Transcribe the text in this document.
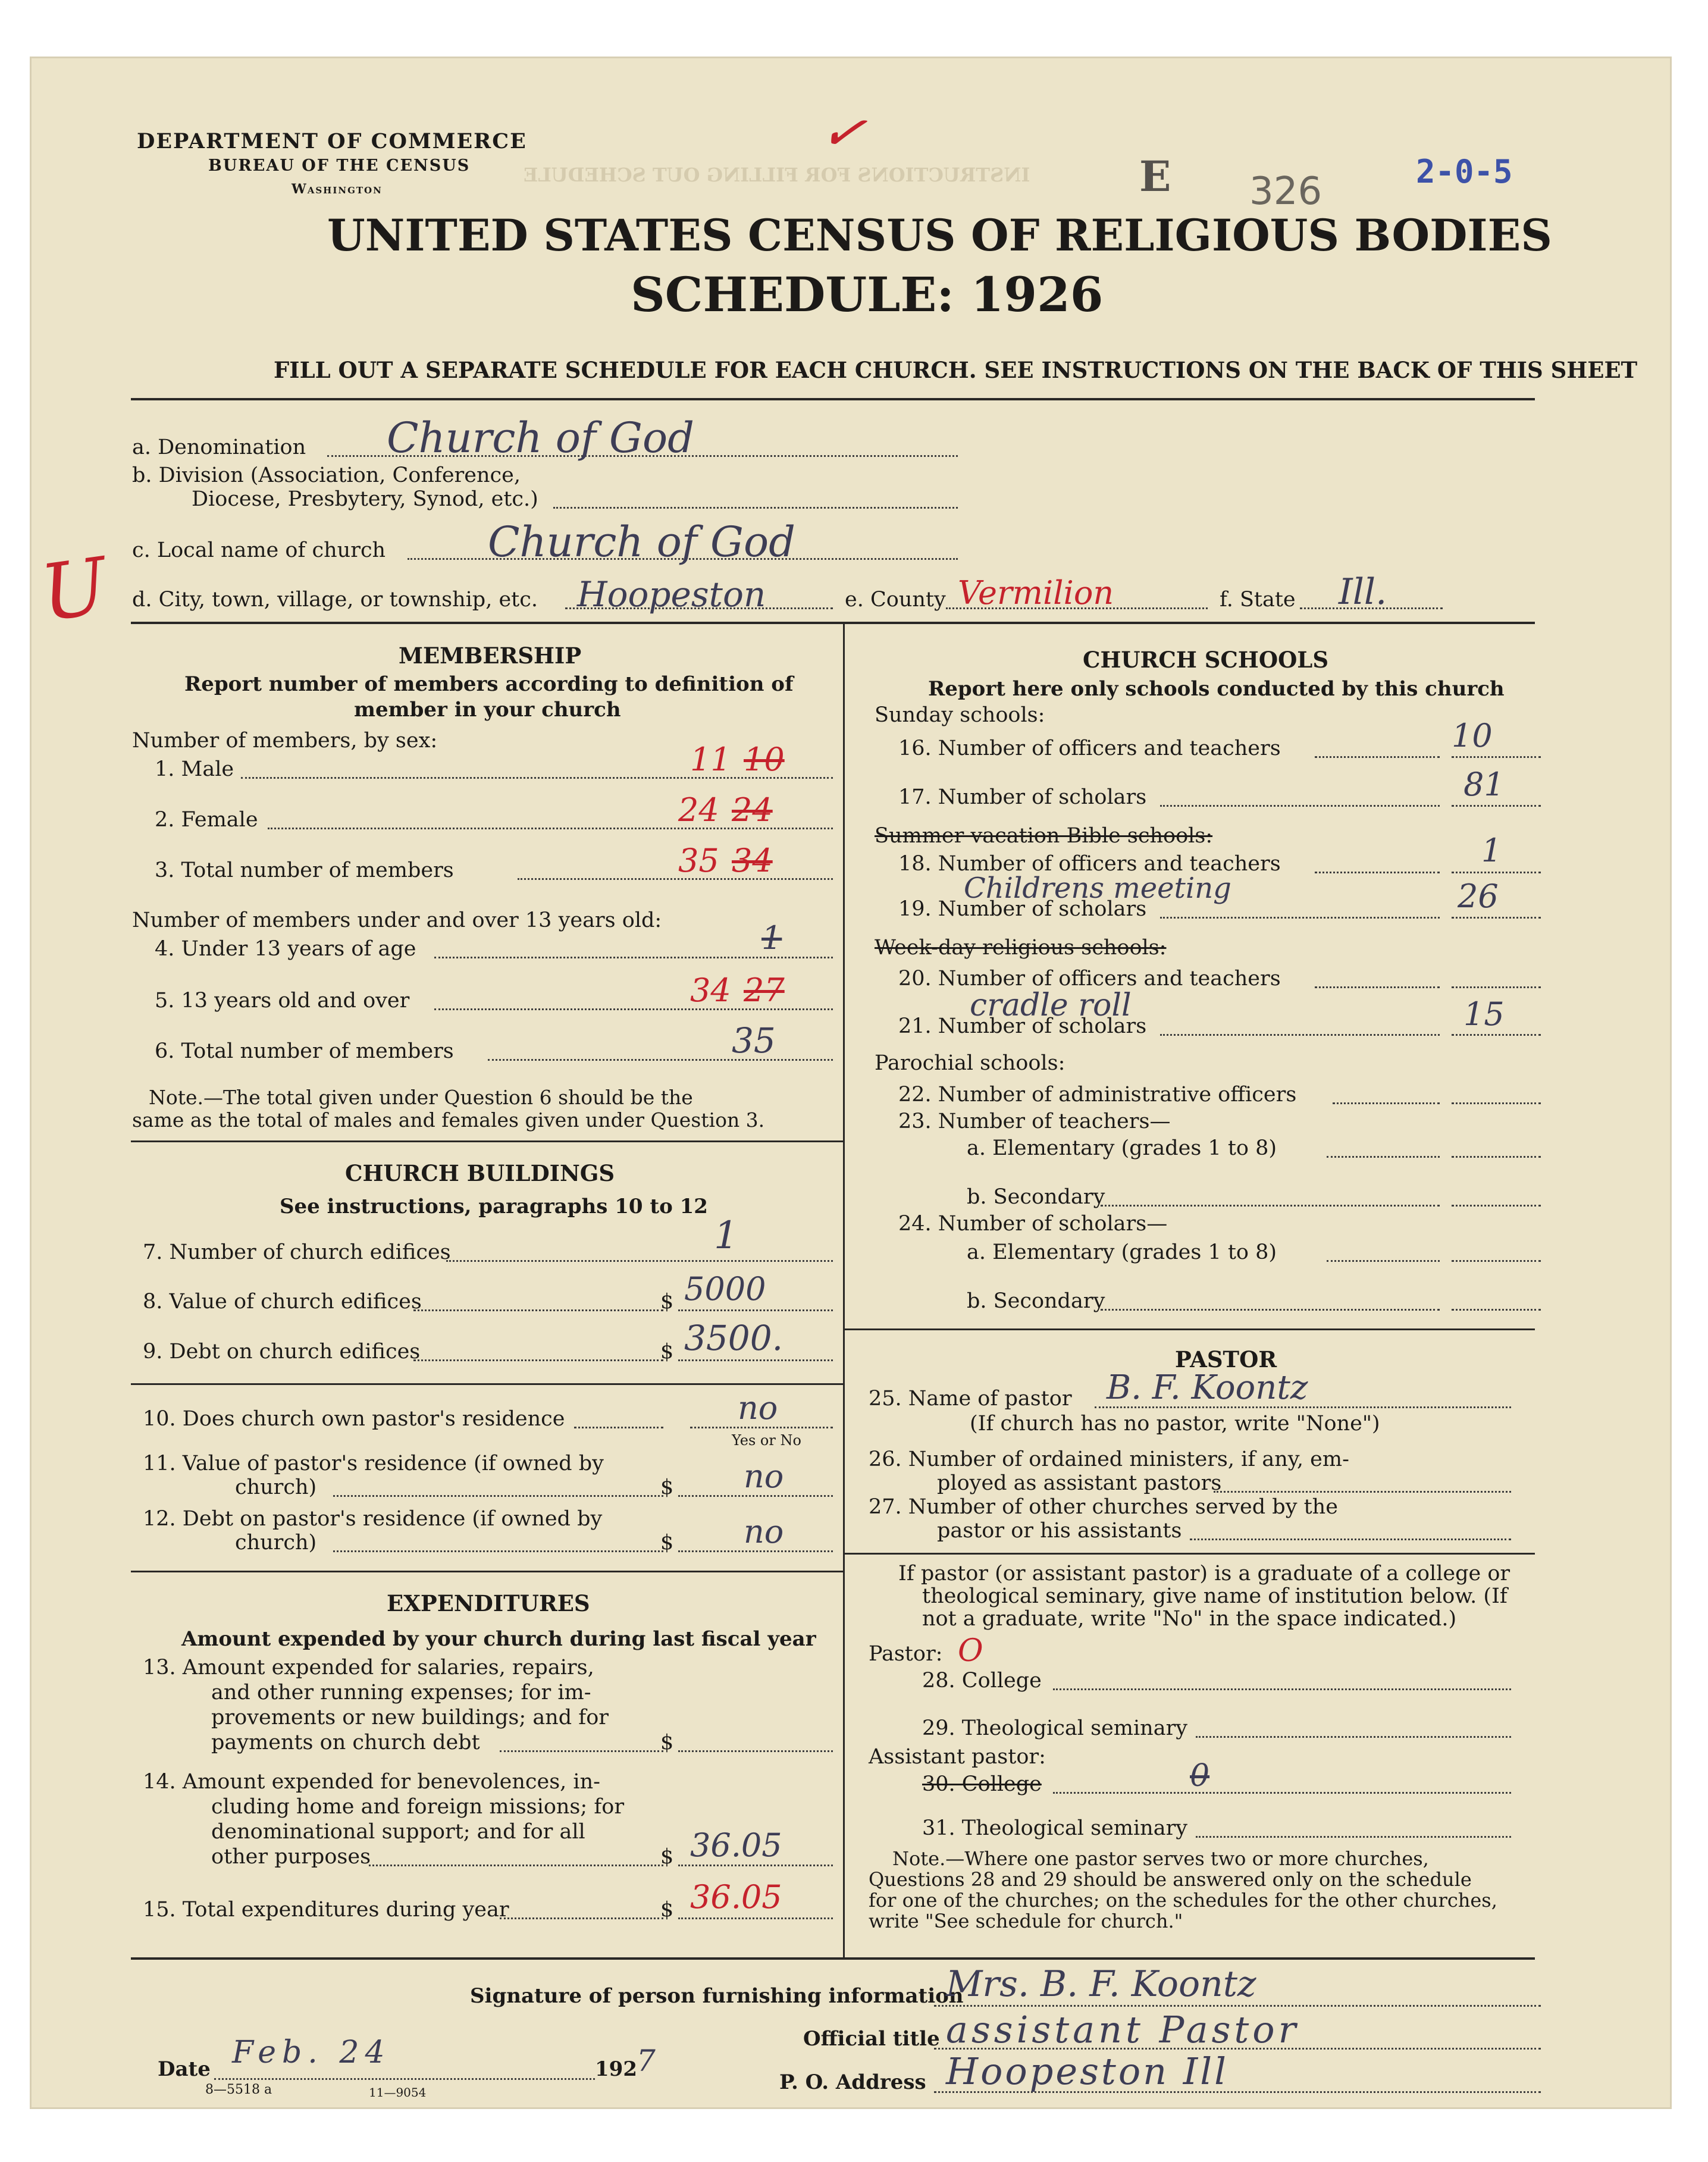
INSTRUCTIONS FOR FILLING OUT SCHEDULE
DEPARTMENT OF COMMERCE
BUREAU OF THE CENSUS
Washington
✓
E 326	2-0-5
UNITED STATES CENSUS OF RELIGIOUS BODIES
SCHEDULE: 1926
FILL OUT A SEPARATE SCHEDULE FOR EACH CHURCH. SEE INSTRUCTIONS ON THE BACK OF THIS SHEET
a. Denomination Church of God
b. Division (Association, Conference,
Diocese, Presbytery, Synod, etc.)
c. Local name of church Church of God
U d. City, town, village, or township, etc. Hoopeston	e. County Vermilion	f. State Ill.
MEMBERSHIP
Report number of members according to definition of
member in your church
Number of members, by sex:
1. Male	11 10
2. Female	24 24
3. Total number of members	35 34
Number of members under and over 13 years old:
4. Under 13 years of age	1
5. 13 years old and over	34 27
6. Total number of members	35
Note.—The total given under Question 6 should be the
same as the total of males and females given under Question 3.
CHURCH BUILDINGS
See instructions, paragraphs 10 to 12
7. Number of church edifices	1
8. Value of church edifices	$ 5000
9. Debt on church edifices	$ 3500.
10. Does church own pastor's residence	no
Yes or No
11. Value of pastor's residence (if owned by
church)	$ no
12. Debt on pastor's residence (if owned by
church)	$ no
EXPENDITURES
Amount expended by your church during last fiscal year
13. Amount expended for salaries, repairs,
and other running expenses; for im-
provements or new buildings; and for
payments on church debt	$
14. Amount expended for benevolences, in-
cluding home and foreign missions; for
denominational support; and for all
other purposes	$ 36.05
15. Total expenditures during year	$ 36.05
CHURCH SCHOOLS
Report here only schools conducted by this church
Sunday schools:
16. Number of officers and teachers	10
17. Number of scholars	81
Summer vacation Bible schools:
18. Number of officers and teachers	1
Childrens meeting
19. Number of scholars	26
Week-day religious schools:
20. Number of officers and teachers
cradle roll
21. Number of scholars	15
Parochial schools:
22. Number of administrative officers
23. Number of teachers—
a. Elementary (grades 1 to 8)
b. Secondary
24. Number of scholars—
a. Elementary (grades 1 to 8)
b. Secondary
PASTOR
25. Name of pastor B. F. Koontz
(If church has no pastor, write "None")
26. Number of ordained ministers, if any, em-
ployed as assistant pastors
27. Number of other churches served by the
pastor or his assistants
If pastor (or assistant pastor) is a graduate of a college or
theological seminary, give name of institution below. (If
not a graduate, write "No" in the space indicated.)
Pastor: O
28. College
29. Theological seminary
Assistant pastor:
30. College	0
31. Theological seminary
Note.—Where one pastor serves two or more churches,
Questions 28 and 29 should be answered only on the schedule
for one of the churches; on the schedules for the other churches,
write "See schedule for church."
Signature of person furnishing information
Mrs. B. F. Koontz
Official title assistant Pastor
Date Feb. 24	192 7
P. O. Address Hoopeston Ill
8—5518 a	11—9054
